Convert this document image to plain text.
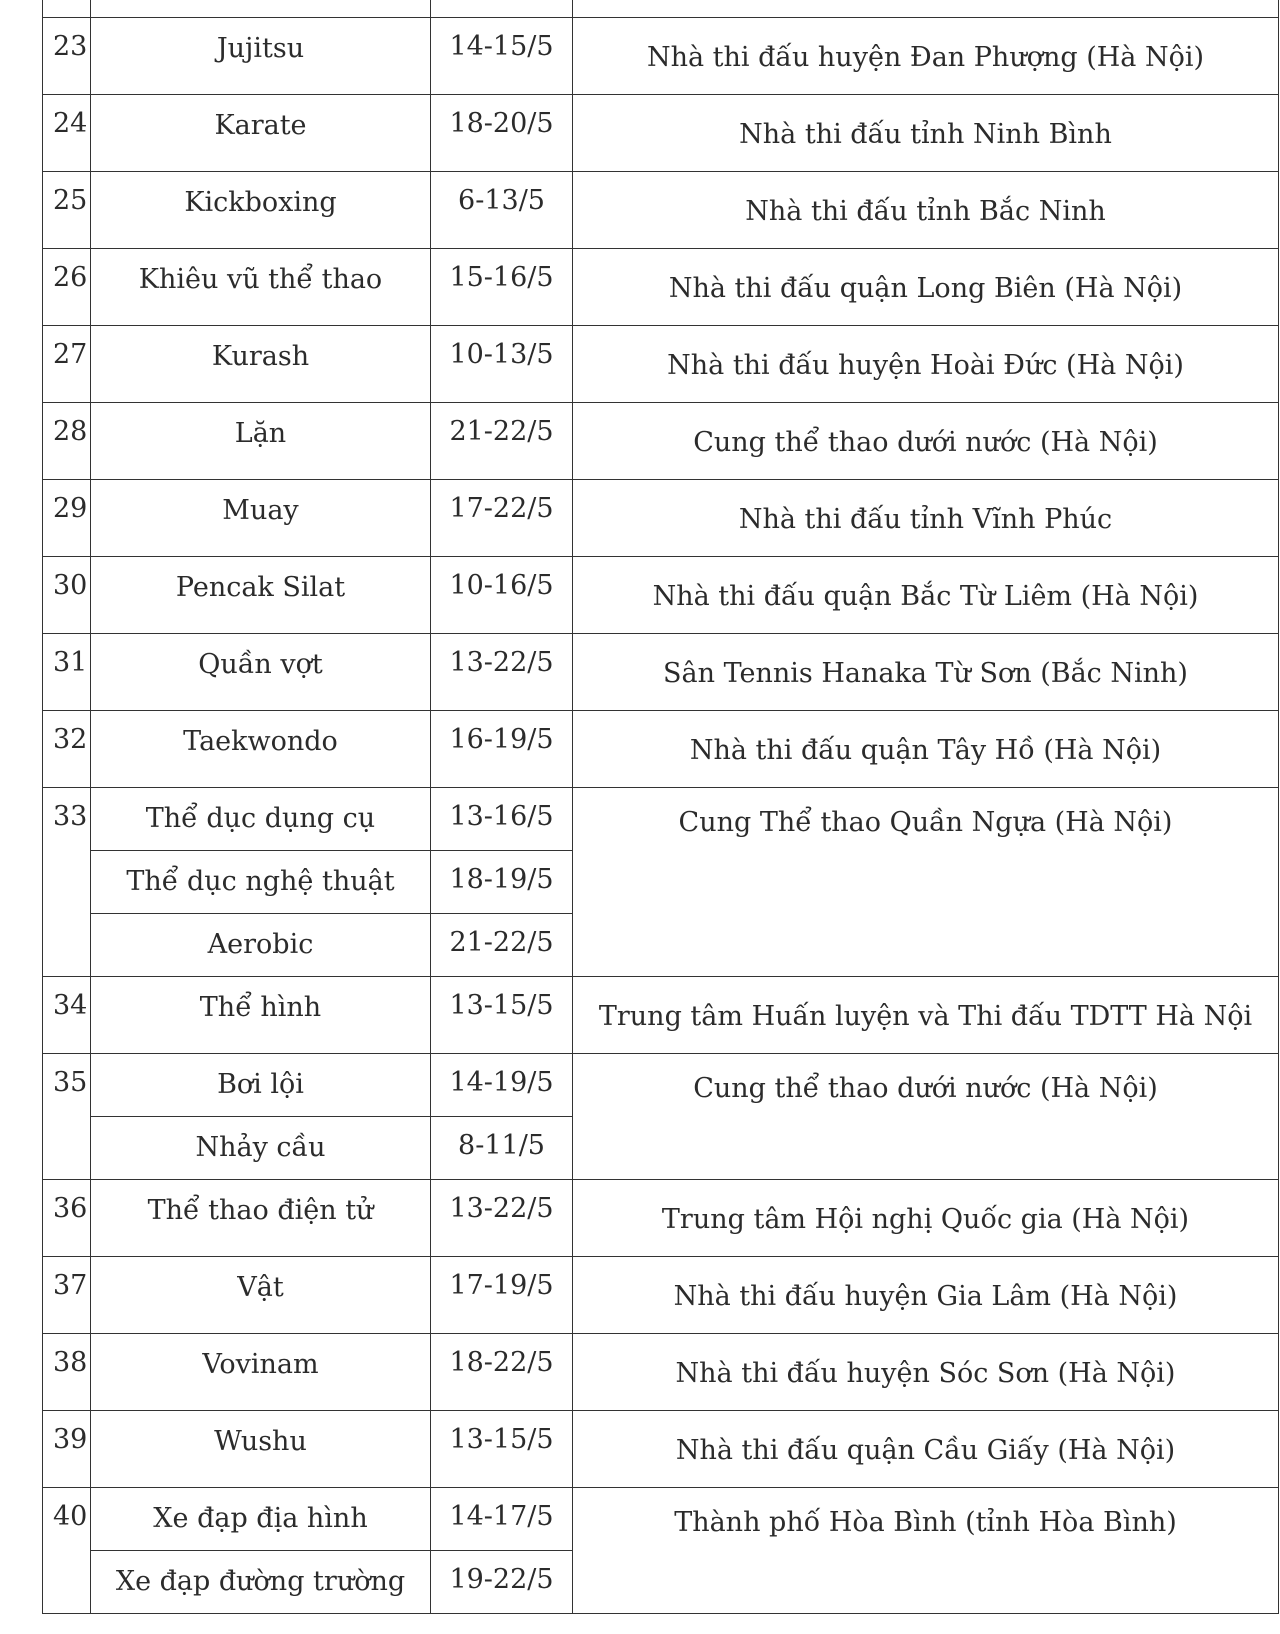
23	Jujitsu	14-15/5	Nhà thi đấu huyện Đan Phượng (Hà Nội)
24	Karate	18-20/5	Nhà thi đấu tỉnh Ninh Bình
25	Kickboxing	6-13/5	Nhà thi đấu tỉnh Bắc Ninh
26	Khiêu vũ thể thao	15-16/5	Nhà thi đấu quận Long Biên (Hà Nội)
27	Kurash	10-13/5	Nhà thi đấu huyện Hoài Đức (Hà Nội)
28	Lặn	21-22/5	Cung thể thao dưới nước (Hà Nội)
29	Muay	17-22/5	Nhà thi đấu tỉnh Vĩnh Phúc
30	Pencak Silat	10-16/5	Nhà thi đấu quận Bắc Từ Liêm (Hà Nội)
31	Quần vợt	13-22/5	Sân Tennis Hanaka Từ Sơn (Bắc Ninh)
32	Taekwondo	16-19/5	Nhà thi đấu quận Tây Hồ (Hà Nội)
33	Thể dục dụng cụ	13-16/5	Cung Thể thao Quần Ngựa (Hà Nội)
	Thể dục nghệ thuật	18-19/5	
	Aerobic	21-22/5	
34	Thể hình	13-15/5	Trung tâm Huấn luyện và Thi đấu TDTT Hà Nội
35	Bơi lội	14-19/5	Cung thể thao dưới nước (Hà Nội)
	Nhảy cầu	8-11/5	
36	Thể thao điện tử	13-22/5	Trung tâm Hội nghị Quốc gia (Hà Nội)
37	Vật	17-19/5	Nhà thi đấu huyện Gia Lâm (Hà Nội)
38	Vovinam	18-22/5	Nhà thi đấu huyện Sóc Sơn (Hà Nội)
39	Wushu	13-15/5	Nhà thi đấu quận Cầu Giấy (Hà Nội)
40	Xe đạp địa hình	14-17/5	Thành phố Hòa Bình (tỉnh Hòa Bình)
	Xe đạp đường trường	19-22/5	
